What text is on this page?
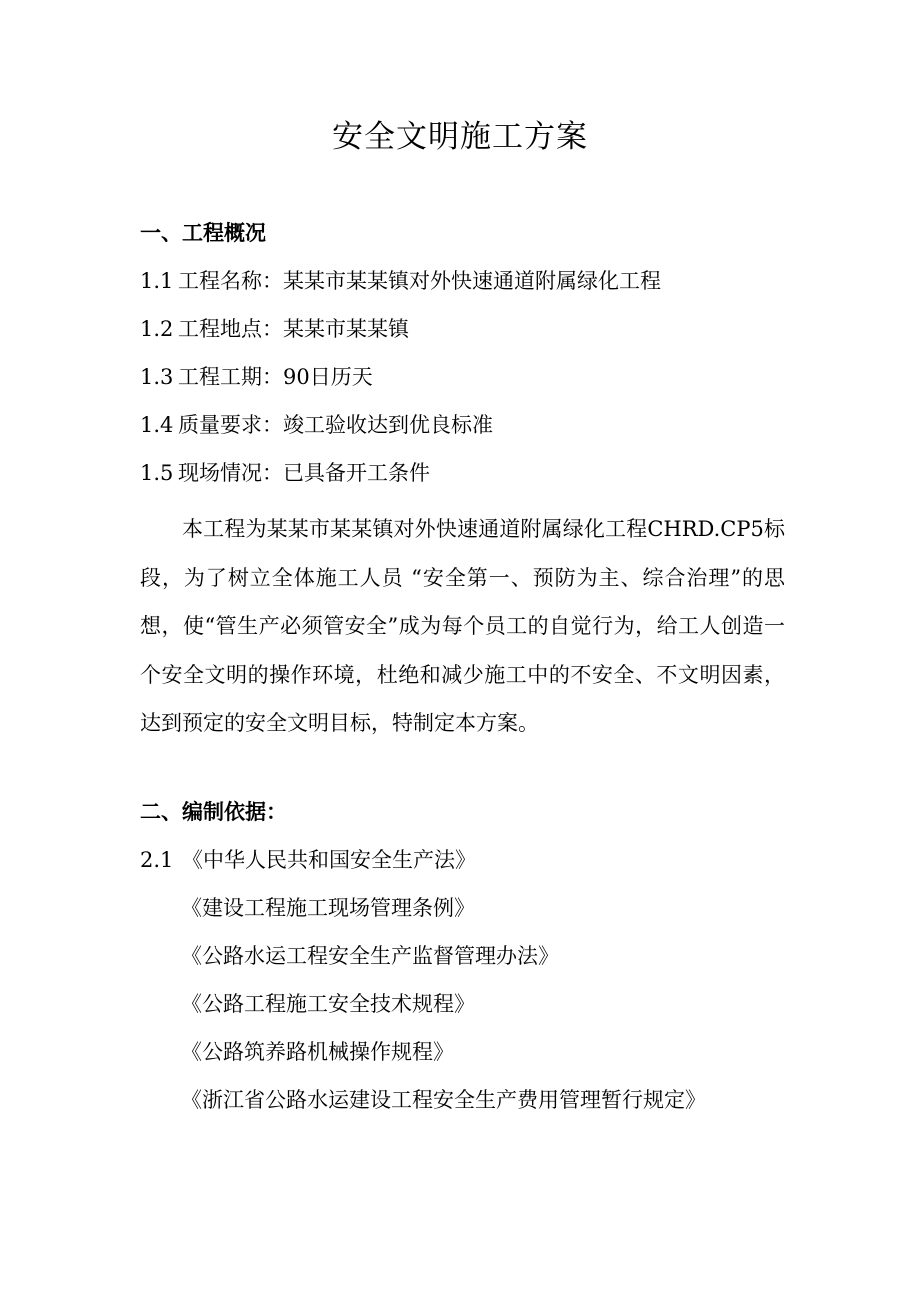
安全文明施工方案
一、工程概况
1.1 工程名称：某某市某某镇对外快速通道附属绿化工程
1.2 工程地点：某某市某某镇
1.3 工程工期：90日历天
1.4 质量要求：竣工验收达到优良标准
1.5 现场情况：已具备开工条件
本工程为某某市某某镇对外快速通道附属绿化工程CHRD.CP5标段，为了树立全体施工人员 “安全第一、预防为主、综合治理”的思想，使“管生产必须管安全”成为每个员工的自觉行为，给工人创造一个安全文明的操作环境，杜绝和减少施工中的不安全、不文明因素，达到预定的安全文明目标，特制定本方案。
二、编制依据：
2.1 《中华人民共和国安全生产法》
《建设工程施工现场管理条例》
《公路水运工程安全生产监督管理办法》
《公路工程施工安全技术规程》
《公路筑养路机械操作规程》
《浙江省公路水运建设工程安全生产费用管理暂行规定》
